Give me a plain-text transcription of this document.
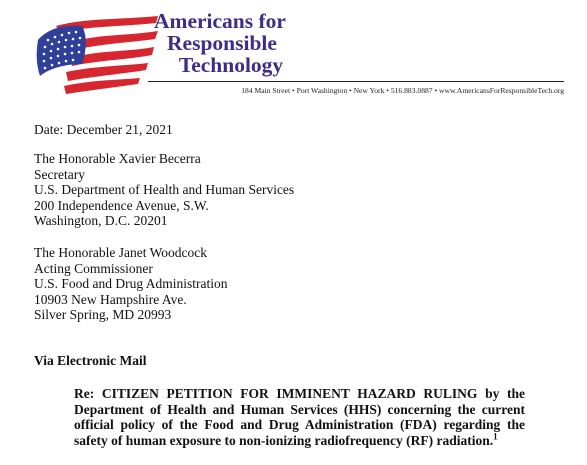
Americans for
Responsible
Technology
184 Main Street • Port Washington • New York • 516.883.0887 • www.AmericansForResponsibleTech.org
Date: December 21, 2021
The Honorable Xavier Becerra
Secretary
U.S. Department of Health and Human Services
200 Independence Avenue, S.W.
Washington, D.C. 20201
The Honorable Janet Woodcock
Acting Commissioner
U.S. Food and Drug Administration
10903 New Hampshire Ave.
Silver Spring, MD 20993
Via Electronic Mail
Re: CITIZEN PETITION FOR IMMINENT HAZARD RULING by the Department of Health and Human Services (HHS) concerning the current official policy of the Food and Drug Administration (FDA) regarding the safety of human exposure to non-ionizing radiofrequency (RF) radiation.$^1$
